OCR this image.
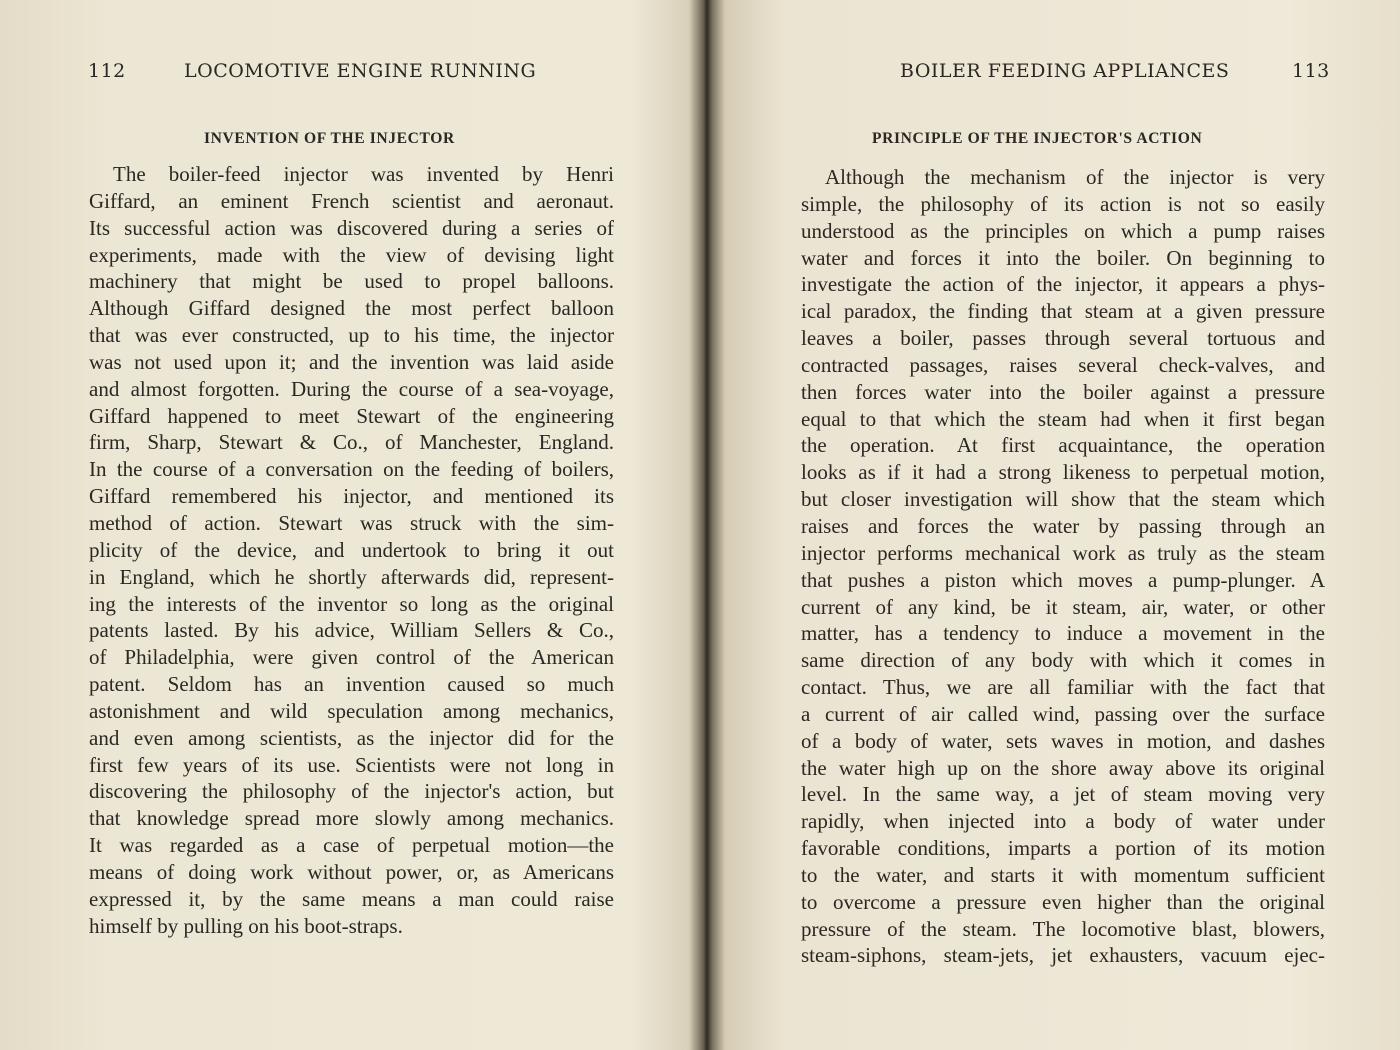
112	LOCOMOTIVE ENGINE RUNNING
INVENTION OF THE INJECTOR
The boiler-feed injector was invented by Henri
Giffard, an eminent French scientist and aeronaut.
Its successful action was discovered during a series of
experiments, made with the view of devising light
machinery that might be used to propel balloons.
Although Giffard designed the most perfect balloon
that was ever constructed, up to his time, the injector
was not used upon it; and the invention was laid aside
and almost forgotten. During the course of a sea-voyage,
Giffard happened to meet Stewart of the engineering
firm, Sharp, Stewart & Co., of Manchester, England.
In the course of a conversation on the feeding of boilers,
Giffard remembered his injector, and mentioned its
method of action. Stewart was struck with the sim-
plicity of the device, and undertook to bring it out
in England, which he shortly afterwards did, represent-
ing the interests of the inventor so long as the original
patents lasted. By his advice, William Sellers & Co.,
of Philadelphia, were given control of the American
patent. Seldom has an invention caused so much
astonishment and wild speculation among mechanics,
and even among scientists, as the injector did for the
first few years of its use. Scientists were not long in
discovering the philosophy of the injector's action, but
that knowledge spread more slowly among mechanics.
It was regarded as a case of perpetual motion—the
means of doing work without power, or, as Americans
expressed it, by the same means a man could raise
himself by pulling on his boot-straps.
BOILER FEEDING APPLIANCES	113
PRINCIPLE OF THE INJECTOR'S ACTION
Although the mechanism of the injector is very
simple, the philosophy of its action is not so easily
understood as the principles on which a pump raises
water and forces it into the boiler. On beginning to
investigate the action of the injector, it appears a phys-
ical paradox, the finding that steam at a given pressure
leaves a boiler, passes through several tortuous and
contracted passages, raises several check-valves, and
then forces water into the boiler against a pressure
equal to that which the steam had when it first began
the operation. At first acquaintance, the operation
looks as if it had a strong likeness to perpetual motion,
but closer investigation will show that the steam which
raises and forces the water by passing through an
injector performs mechanical work as truly as the steam
that pushes a piston which moves a pump-plunger. A
current of any kind, be it steam, air, water, or other
matter, has a tendency to induce a movement in the
same direction of any body with which it comes in
contact. Thus, we are all familiar with the fact that
a current of air called wind, passing over the surface
of a body of water, sets waves in motion, and dashes
the water high up on the shore away above its original
level. In the same way, a jet of steam moving very
rapidly, when injected into a body of water under
favorable conditions, imparts a portion of its motion
to the water, and starts it with momentum sufficient
to overcome a pressure even higher than the original
pressure of the steam. The locomotive blast, blowers,
steam-siphons, steam-jets, jet exhausters, vacuum ejec-
